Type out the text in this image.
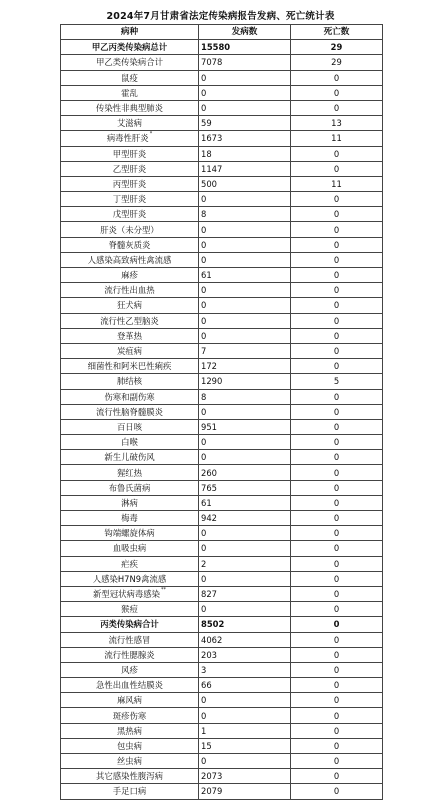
2024年7月甘肃省法定传染病报告发病、死亡统计表
病种	发病数	死亡数
甲乙丙类传染病总计	15580	29
甲乙类传染病合计	7078	29
鼠疫	0	0
霍乱	0	0
传染性非典型肺炎	0	0
艾滋病	59	13
病毒性肝炎*	1673	11
甲型肝炎	18	0
乙型肝炎	1147	0
丙型肝炎	500	11
丁型肝炎	0	0
戊型肝炎	8	0
肝炎（未分型）	0	0
脊髓灰质炎	0	0
人感染高致病性禽流感	0	0
麻疹	61	0
流行性出血热	0	0
狂犬病	0	0
流行性乙型脑炎	0	0
登革热	0	0
炭疽病	7	0
细菌性和阿米巴性痢疾	172	0
肺结核	1290	5
伤寒和副伤寒	8	0
流行性脑脊髓膜炎	0	0
百日咳	951	0
白喉	0	0
新生儿破伤风	0	0
猩红热	260	0
布鲁氏菌病	765	0
淋病	61	0
梅毒	942	0
钩端螺旋体病	0	0
血吸虫病	0	0
疟疾	2	0
人感染H7N9禽流感	0	0
新型冠状病毒感染**	827	0
猴痘	0	0
丙类传染病合计	8502	0
流行性感冒	4062	0
流行性腮腺炎	203	0
风疹	3	0
急性出血性结膜炎	66	0
麻风病	0	0
斑疹伤寒	0	0
黑热病	1	0
包虫病	15	0
丝虫病	0	0
其它感染性腹泻病	2073	0
手足口病	2079	0
